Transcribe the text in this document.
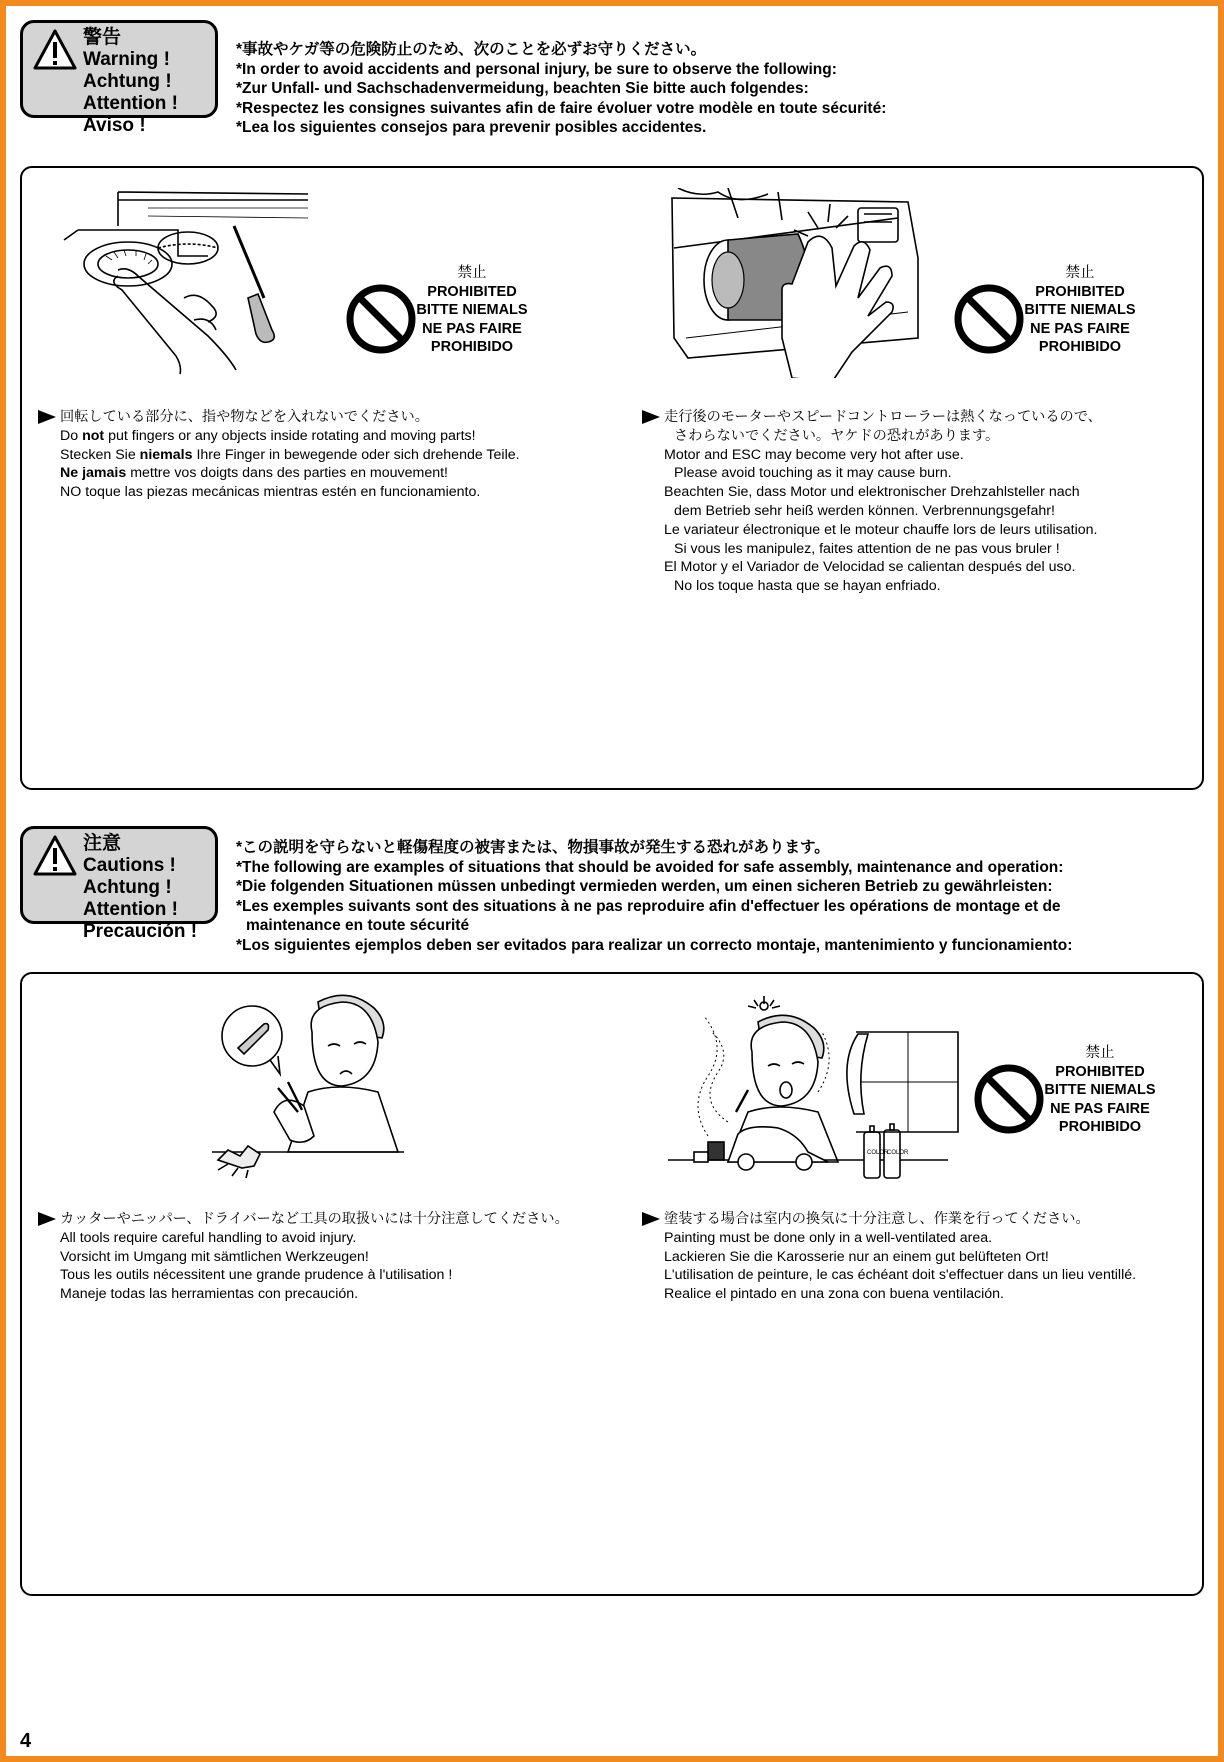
警告
Warning !
Achtung !
Attention !
Aviso !
*事故やケガ等の危険防止のため、次のことを必ずお守りください。
*In order to avoid accidents and personal injury, be sure to observe the following:
*Zur Unfall- und Sachschadenvermeidung, beachten Sie bitte auch folgendes:
*Respectez les consignes suivantes afin de faire évoluer votre modèle en toute sécurité:
*Lea los siguientes consejos para prevenir posibles accidentes.
禁止
PROHIBITED
BITTE NIEMALS
NE PAS FAIRE
PROHIBIDO
禁止
PROHIBITED
BITTE NIEMALS
NE PAS FAIRE
PROHIBIDO
回転している部分に、指や物などを入れないでください。
Do not put fingers or any objects inside rotating and moving parts!
Stecken Sie niemals Ihre Finger in bewegende oder sich drehende Teile.
Ne jamais mettre vos doigts dans des parties en mouvement!
NO toque las piezas mecánicas mientras estén en funcionamiento.
走行後のモーターやスピードコントローラーは熱くなっているので、
さわらないでください。ヤケドの恐れがあります。
Motor and ESC may become very hot after use.
Please avoid touching as it may cause burn.
Beachten Sie, dass Motor und elektronischer Drehzahlsteller nach
dem Betrieb sehr heiß werden können. Verbrennungsgefahr!
Le variateur électronique et le moteur chauffe lors de leurs utilisation.
Si vous les manipulez, faites attention de ne pas vous bruler !
El Motor y el Variador de Velocidad se calientan después del uso.
No los toque hasta que se hayan enfriado.
注意
Cautions !
Achtung !
Attention !
Precaución !
*この説明を守らないと軽傷程度の被害または、物損事故が発生する恐れがあります。
*The following are examples of situations that should be avoided for safe assembly, maintenance and operation:
*Die folgenden Situationen müssen unbedingt vermieden werden, um einen sicheren Betrieb zu gewährleisten:
*Les exemples suivants sont des situations à ne pas reproduire afin d'effectuer les opérations de montage et de
maintenance en toute sécurité
*Los siguientes ejemplos deben ser evitados para realizar un correcto montaje, mantenimiento y funcionamiento:
COLOR
COLOR
禁止
PROHIBITED
BITTE NIEMALS
NE PAS FAIRE
PROHIBIDO
カッターやニッパー、ドライバーなど工具の取扱いには十分注意してください。
All tools require careful handling to avoid injury.
Vorsicht im Umgang mit sämtlichen Werkzeugen!
Tous les outils nécessitent une grande prudence à l'utilisation !
Maneje todas las herramientas con precaución.
塗装する場合は室内の換気に十分注意し、作業を行ってください。
Painting must be done only in a well-ventilated area.
Lackieren Sie die Karosserie nur an einem gut belüfteten Ort!
L'utilisation de peinture, le cas échéant doit s'effectuer dans un lieu ventillé.
Realice el pintado en una zona con buena ventilación.
4
